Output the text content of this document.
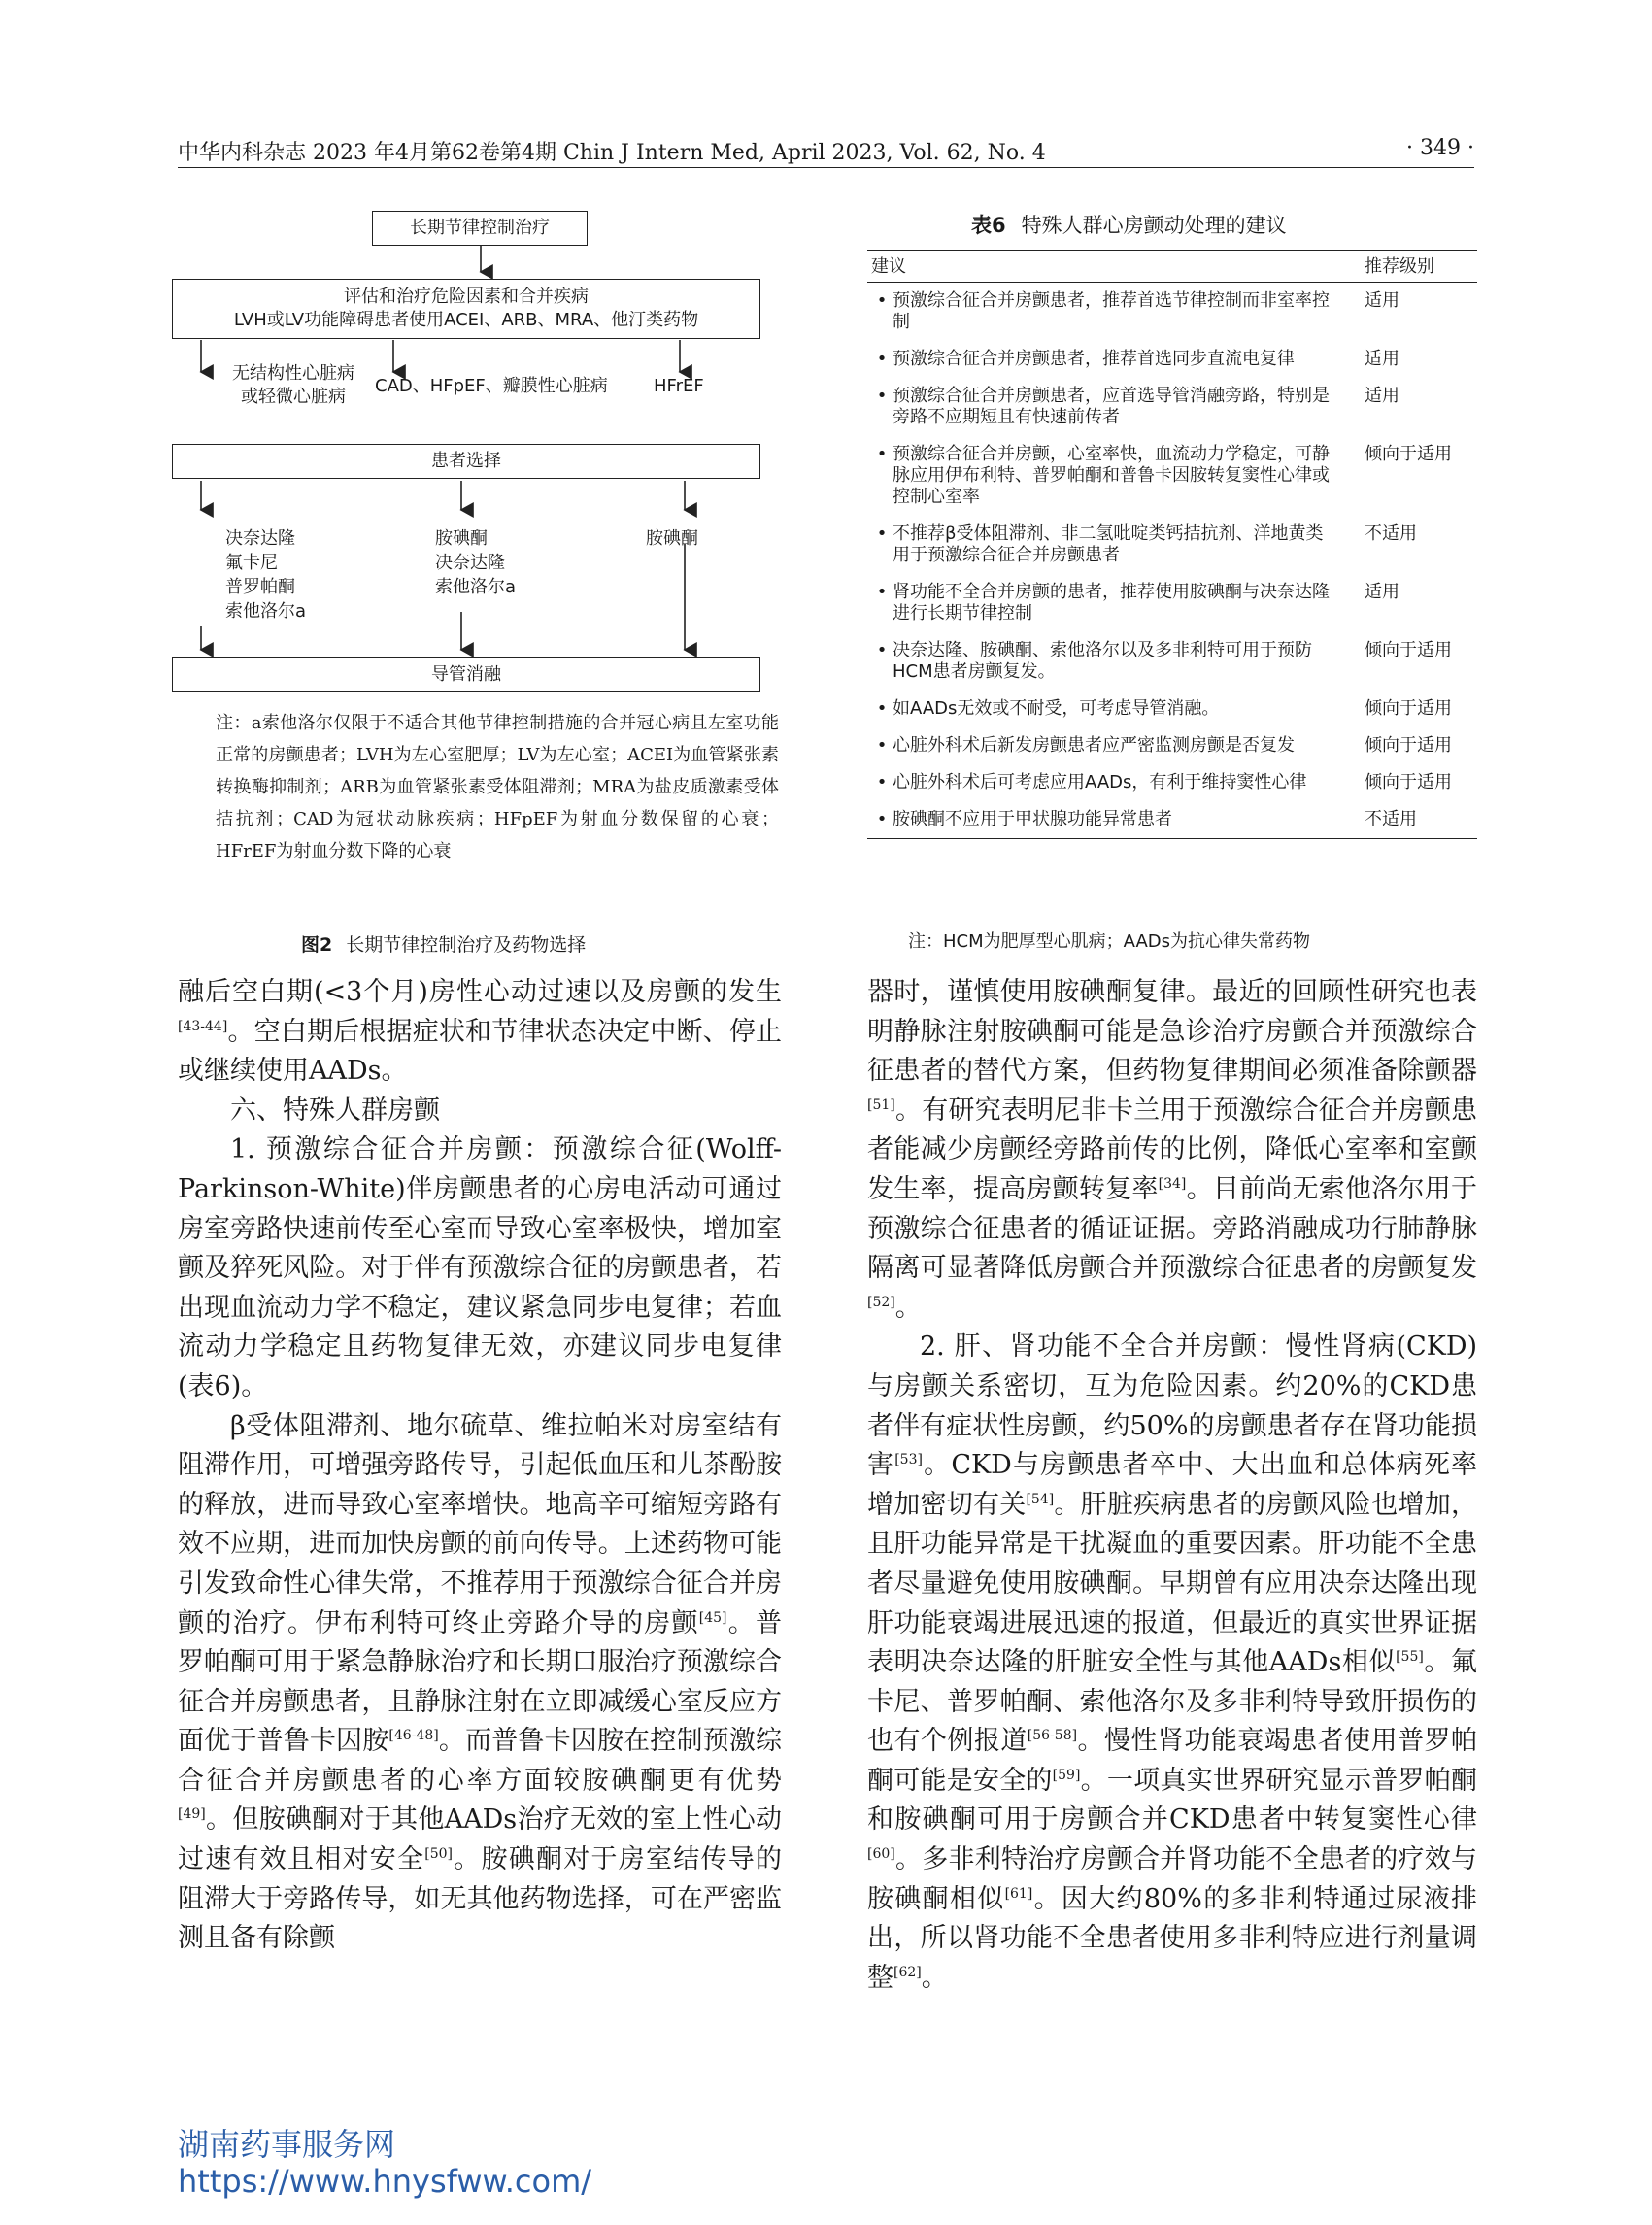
中华内科杂志 2023 年4月第62卷第4期 Chin J Intern Med, April 2023, Vol. 62, No. 4	· 349 ·
长期节律控制治疗
评估和治疗危险因素和合并疾病
LVH或LV功能障碍患者使用ACEI、ARB、MRA、他汀类药物
无结构性心脏病
或轻微心脏病
CAD、HFpEF、瓣膜性心脏病	HFrEF
患者选择
决奈达隆
氟卡尼
普罗帕酮
索他洛尔a
胺碘酮
决奈达隆
索他洛尔a
胺碘酮
导管消融

注：a索他洛尔仅限于不适合其他节律控制措施的合并冠心病且左室功能正常的房颤患者；LVH为左心室肥厚；LV为左心室；ACEI为血管紧张素转换酶抑制剂；ARB为血管紧张素受体阻滞剂；MRA为盐皮质激素受体拮抗剂；CAD为冠状动脉疾病；HFpEF为射血分数保留的心衰；HFrEF为射血分数下降的心衰

图2 长期节律控制治疗及药物选择
表6 特殊人群心房颤动处理的建议
建议	推荐级别
• 预激综合征合并房颤患者，推荐首选节律控制而非室率控制	适用
• 预激综合征合并房颤患者，推荐首选同步直流电复律	适用
• 预激综合征合并房颤患者，应首选导管消融旁路，特别是旁路不应期短且有快速前传者	适用
• 预激综合征合并房颤，心室率快，血流动力学稳定，可静脉应用伊布利特、普罗帕酮和普鲁卡因胺转复窦性心律或控制心室率	倾向于适用
• 不推荐β受体阻滞剂、非二氢吡啶类钙拮抗剂、洋地黄类用于预激综合征合并房颤患者	不适用
• 肾功能不全合并房颤的患者，推荐使用胺碘酮与决奈达隆进行长期节律控制	适用
• 决奈达隆、胺碘酮、索他洛尔以及多非利特可用于预防HCM患者房颤复发。	倾向于适用
• 如AADs无效或不耐受，可考虑导管消融。	倾向于适用
• 心脏外科术后新发房颤患者应严密监测房颤是否复发	倾向于适用
• 心脏外科术后可考虑应用AADs，有利于维持窦性心律	倾向于适用
• 胺碘酮不应用于甲状腺功能异常患者	不适用
注：HCM为肥厚型心肌病；AADs为抗心律失常药物

融后空白期(<3个月)房性心动过速以及房颤的发生[43-44]。空白期后根据症状和节律状态决定中断、停止或继续使用AADs。

六、特殊人群房颤

1. 预激综合征合并房颤：预激综合征(Wolff-Parkinson-White)伴房颤患者的心房电活动可通过房室旁路快速前传至心室而导致心室率极快，增加室颤及猝死风险。对于伴有预激综合征的房颤患者，若出现血流动力学不稳定，建议紧急同步电复律；若血流动力学稳定且药物复律无效，亦建议同步电复律(表6)。

β受体阻滞剂、地尔硫草、维拉帕米对房室结有阻滞作用，可增强旁路传导，引起低血压和儿茶酚胺的释放，进而导致心室率增快。地高辛可缩短旁路有效不应期，进而加快房颤的前向传导。上述药物可能引发致命性心律失常，不推荐用于预激综合征合并房颤的治疗。伊布利特可终止旁路介导的房颤[45]。普罗帕酮可用于紧急静脉治疗和长期口服治疗预激综合征合并房颤患者，且静脉注射在立即减缓心室反应方面优于普鲁卡因胺[46-48]。而普鲁卡因胺在控制预激综合征合并房颤患者的心率方面较胺碘酮更有优势[49]。但胺碘酮对于其他AADs治疗无效的室上性心动过速有效且相对安全[50]。胺碘酮对于房室结传导的阻滞大于旁路传导，如无其他药物选择，可在严密监测且备有除颤

器时，谨慎使用胺碘酮复律。最近的回顾性研究也表明静脉注射胺碘酮可能是急诊治疗房颤合并预激综合征患者的替代方案，但药物复律期间必须准备除颤器[51]。有研究表明尼非卡兰用于预激综合征合并房颤患者能减少房颤经旁路前传的比例，降低心室率和室颤发生率，提高房颤转复率[34]。目前尚无索他洛尔用于预激综合征患者的循证证据。旁路消融成功行肺静脉隔离可显著降低房颤合并预激综合征患者的房颤复发[52]。

2. 肝、肾功能不全合并房颤：慢性肾病(CKD)与房颤关系密切，互为危险因素。约20%的CKD患者伴有症状性房颤，约50%的房颤患者存在肾功能损害[53]。CKD与房颤患者卒中、大出血和总体病死率增加密切有关[54]。肝脏疾病患者的房颤风险也增加，且肝功能异常是干扰凝血的重要因素。肝功能不全患者尽量避免使用胺碘酮。早期曾有应用决奈达隆出现肝功能衰竭进展迅速的报道，但最近的真实世界证据表明决奈达隆的肝脏安全性与其他AADs相似[55]。氟卡尼、普罗帕酮、索他洛尔及多非利特导致肝损伤的也有个例报道[56-58]。慢性肾功能衰竭患者使用普罗帕酮可能是安全的[59]。一项真实世界研究显示普罗帕酮和胺碘酮可用于房颤合并CKD患者中转复窦性心律[60]。多非利特治疗房颤合并肾功能不全患者的疗效与胺碘酮相似[61]。因大约80%的多非利特通过尿液排出，所以肾功能不全患者使用多非利特应进行剂量调整[62]。

湖南药事服务网
https://www.hnysfww.com/
